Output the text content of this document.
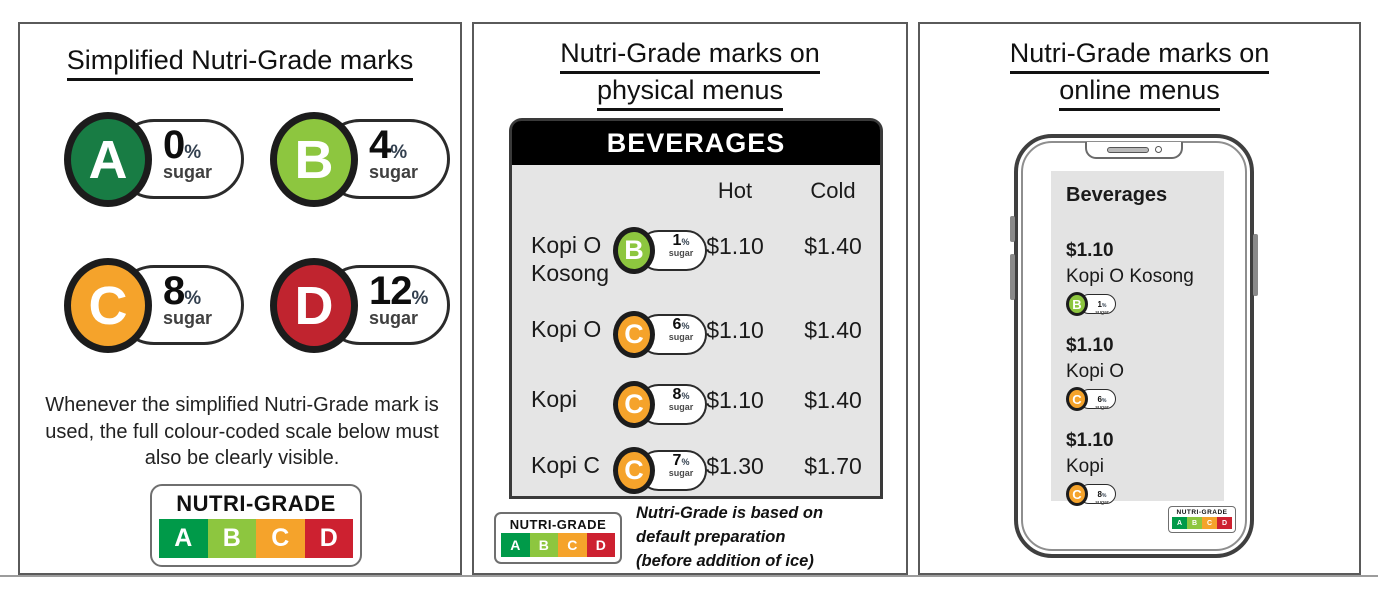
Simplified Nutri-Grade marks
0%
sugar
A	4%
sugar
B
8%
sugar
C	12%
sugar
D
Whenever the simplified Nutri-Grade mark is used, the full colour-coded scale below must also be clearly visible.
NUTRI-GRADE
A	B	C	D
Nutri-Grade marks on
physical menus
BEVERAGES
Hot	Cold
Kopi O Kosong
1%
sugar
B	$1.10	$1.40
Kopi O	6%
sugar
C	$1.10	$1.40
Kopi	8%
sugar
C	$1.10	$1.40
Kopi C	7%
sugar
C	$1.30	$1.70
NUTRI-GRADE
A	B	C	D
Nutri-Grade is based on
default preparation
(before addition of ice)
Nutri-Grade marks on
online menus
Beverages
$1.10
Kopi O Kosong
1%
sugar
B
$1.10
Kopi O
6%
sugar
C
$1.10
Kopi
8%
sugar
C
NUTRI-GRADE
A	B	C	D
